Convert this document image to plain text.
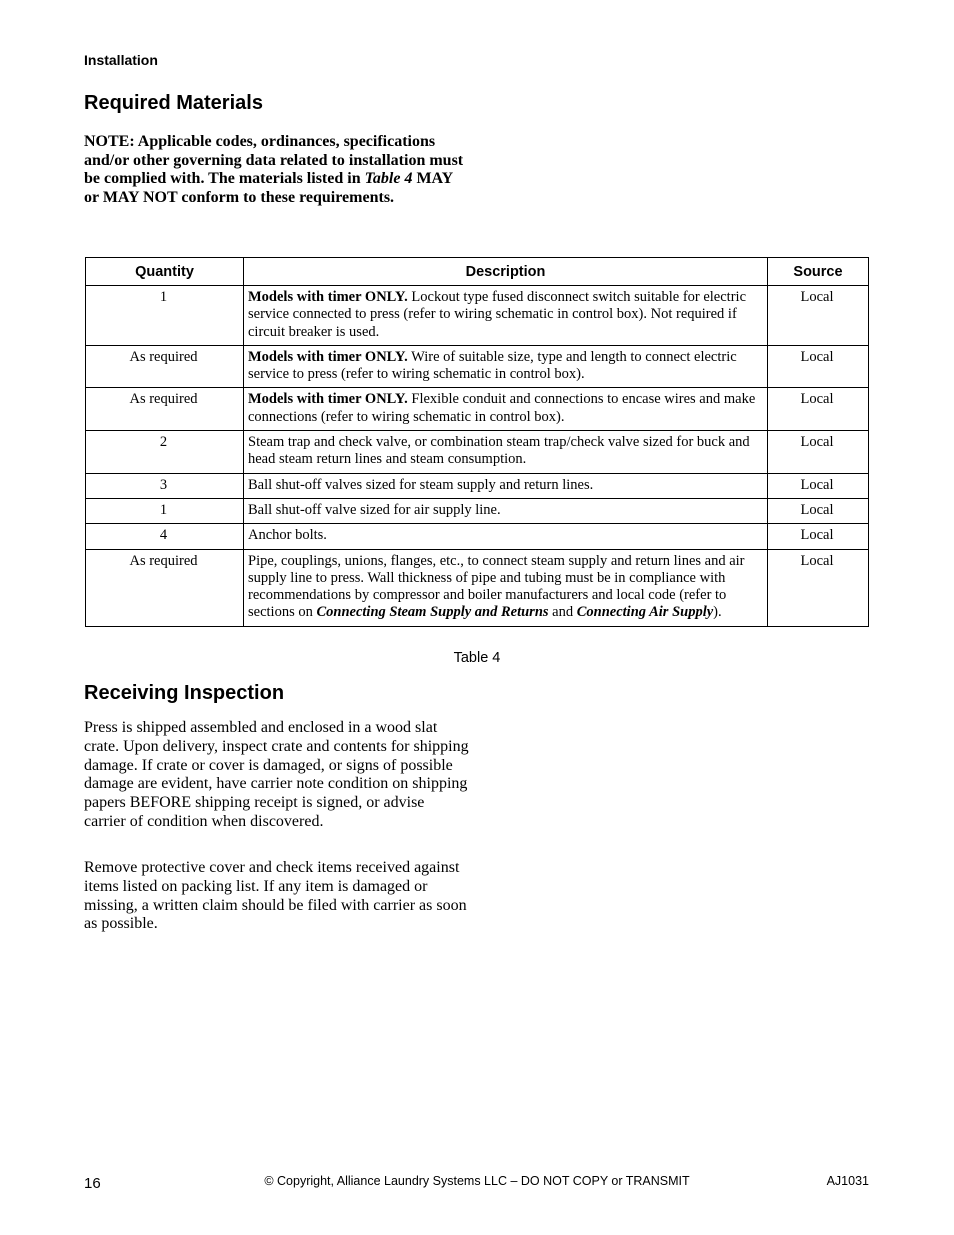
Installation
Required Materials
NOTE: Applicable codes, ordinances, specifications and/or other governing data related to installation must be complied with. The materials listed in Table 4 MAY or MAY NOT conform to these requirements.
Quantity	Description	Source
1	Models with timer ONLY. Lockout type fused disconnect switch suitable for electric service connected to press (refer to wiring schematic in control box). Not required if circuit breaker is used.	Local
As required	Models with timer ONLY. Wire of suitable size, type and length to connect electric service to press (refer to wiring schematic in control box).	Local
As required	Models with timer ONLY. Flexible conduit and connections to encase wires and make connections (refer to wiring schematic in control box).	Local
2	Steam trap and check valve, or combination steam trap/check valve sized for buck and head steam return lines and steam consumption.	Local
3	Ball shut-off valves sized for steam supply and return lines.	Local
1	Ball shut-off valve sized for air supply line.	Local
4	Anchor bolts.	Local
As required	Pipe, couplings, unions, flanges, etc., to connect steam supply and return lines and air supply line to press. Wall thickness of pipe and tubing must be in compliance with recommendations by compressor and boiler manufacturers and local code (refer to sections on Connecting Steam Supply and Returns and Connecting Air Supply).	Local
Table 4
Receiving Inspection

Press is shipped assembled and enclosed in a wood slat crate. Upon delivery, inspect crate and contents for shipping damage. If crate or cover is damaged, or signs of possible damage are evident, have carrier note condition on shipping papers BEFORE shipping receipt is signed, or advise carrier of condition when discovered.

Remove protective cover and check items received against items listed on packing list. If any item is damaged or missing, a written claim should be filed with carrier as soon as possible.

16	© Copyright, Alliance Laundry Systems LLC – DO NOT COPY or TRANSMIT	AJ1031
